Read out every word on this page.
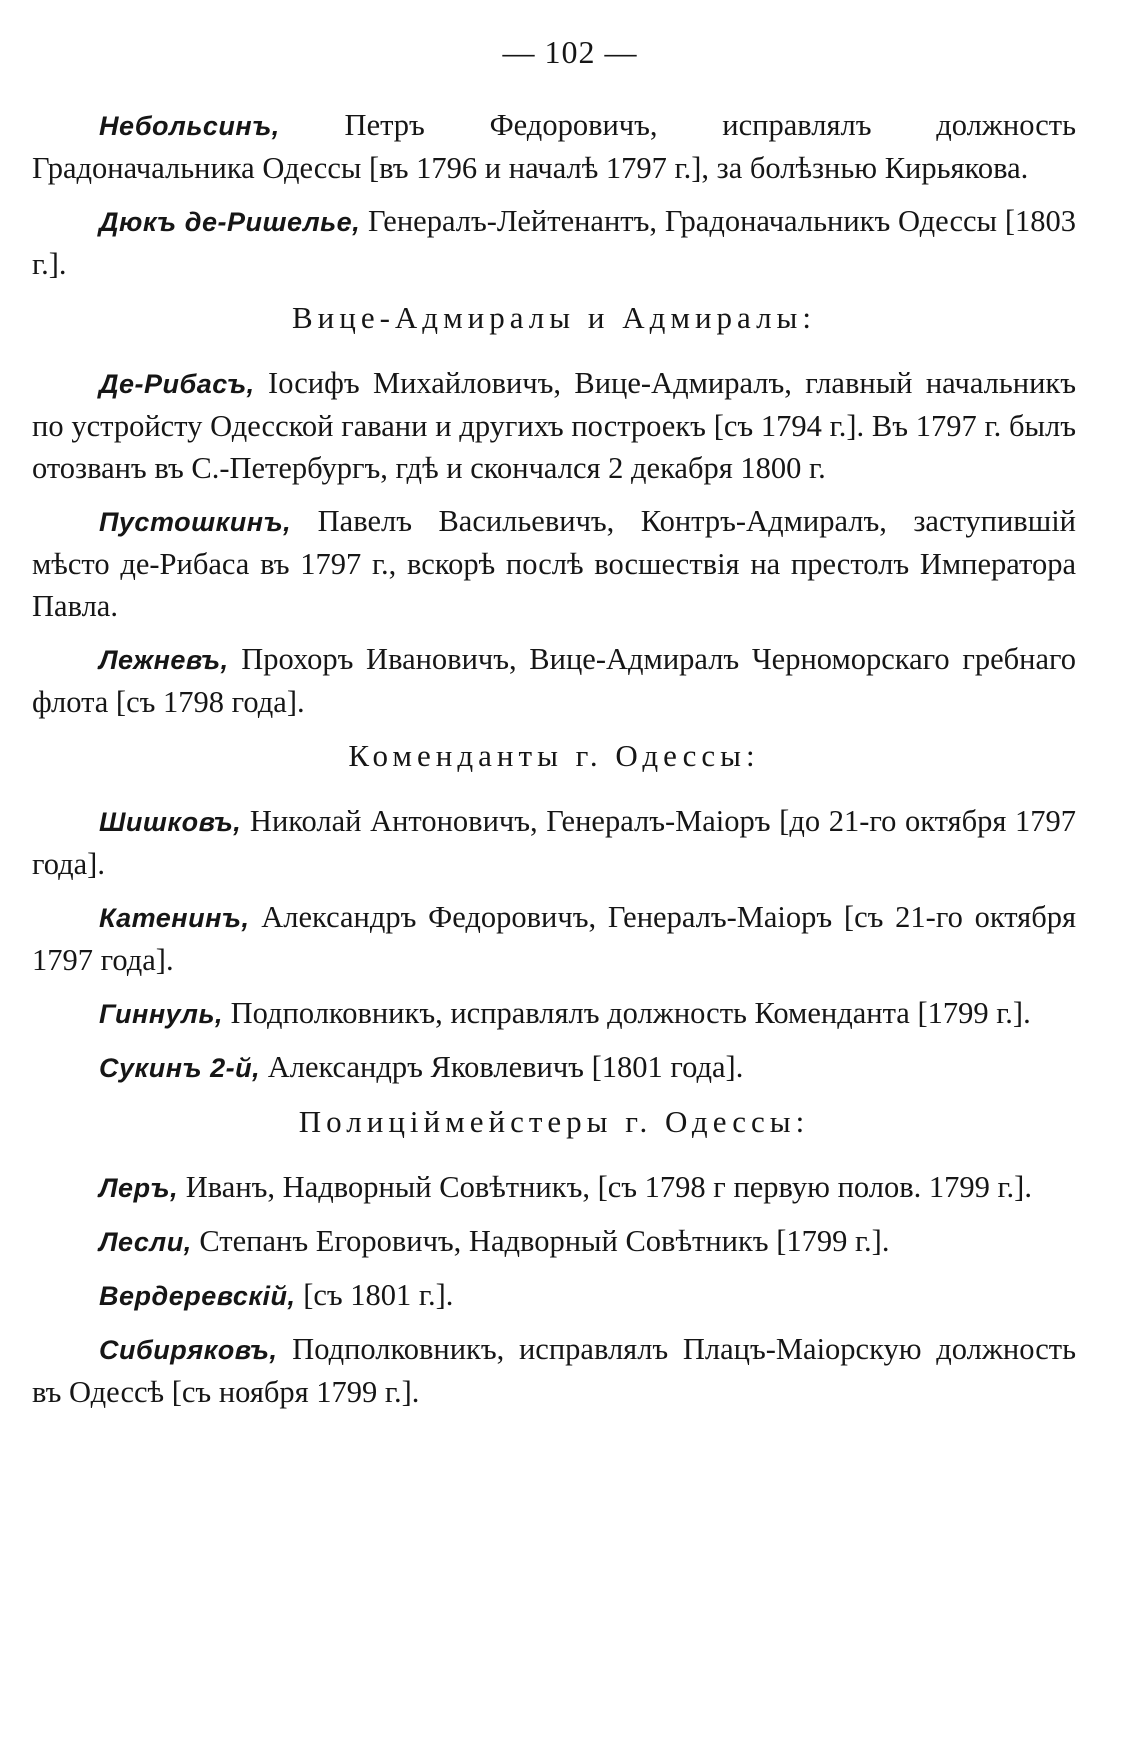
— 102 —

Небольсинъ, Петръ Федоровичъ, исправлялъ должность Градоначальника Одессы [въ 1796 и началѣ 1797 г.], за болѣзнью Кирьякова.

Дюкъ де-Ришелье, Генералъ-Лейтенантъ, Градоначальникъ Одессы [1803 г.].

Вице-Адмиралы и Адмиралы:

Де-Рибасъ, Іосифъ Михайловичъ, Вице-Адмиралъ, главный начальникъ по устройсту Одесской гавани и другихъ построекъ [съ 1794 г.]. Въ 1797 г. былъ отозванъ въ С.-Петербургъ, гдѣ и скончался 2 декабря 1800 г.

Пустошкинъ, Павелъ Васильевичъ, Контръ-Адмиралъ, заступившій мѣсто де-Рибаса въ 1797 г., вскорѣ послѣ восшествія на престолъ Императора Павла.

Лежневъ, Прохоръ Ивановичъ, Вице-Адмиралъ Черноморскаго гребнаго флота [съ 1798 года].

Коменданты г. Одессы:

Шишковъ, Николай Антоновичъ, Генералъ-Маіоръ [до 21-го октября 1797 года].

Катенинъ, Александръ Федоровичъ, Генералъ-Маіоръ [съ 21-го октября 1797 года].

Гиннуль, Подполковникъ, исправлялъ должность Коменданта [1799 г.].

Сукинъ 2-й, Александръ Яковлевичъ [1801 года].

Полиціймейстеры г. Одессы:

Леръ, Иванъ, Надворный Совѣтникъ, [съ 1798 г первую полов. 1799 г.].

Лесли, Степанъ Егоровичъ, Надворный Совѣтникъ [1799 г.].

Вердеревскій, [съ 1801 г.].

Сибиряковъ, Подполковникъ, исправлялъ Плацъ-Маіорскую должность въ Одессѣ [съ ноября 1799 г.].
